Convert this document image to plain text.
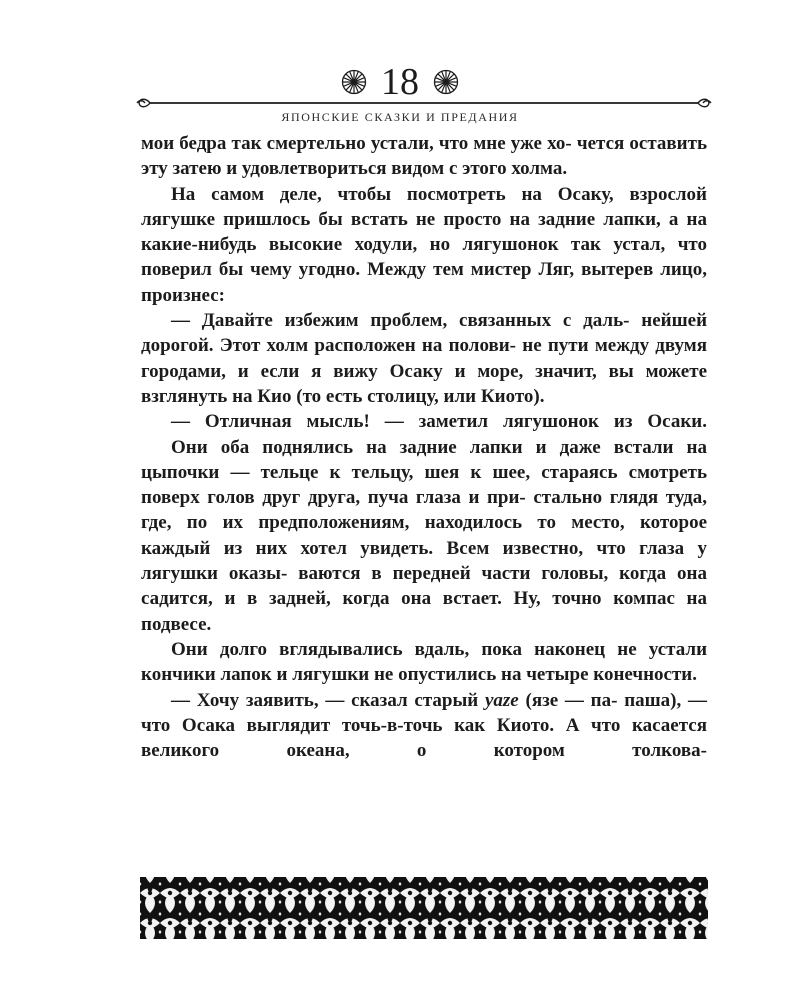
18
ЯПОНСКИЕ СКАЗКИ И ПРЕДАНИЯ

мои бедра так смертельно устали, что мне уже хо- чется оставить эту затею и удовлетвориться видом с этого холма.

На самом деле, чтобы посмотреть на Осаку, взрослой лягушке пришлось бы встать не просто на задние лапки, а на какие-нибудь высокие ходули, но лягушонок так устал, что поверил бы чему угодно. Между тем мистер Ляг, вытерев лицо, произнес:

— Давайте избежим проблем, связанных с даль- нейшей дорогой. Этот холм расположен на полови- не пути между двумя городами, и если я вижу Осаку и море, значит, вы можете взглянуть на Кио (то есть столицу, или Киото).

— Отличная мысль! — заметил лягушонок из Осаки.

Они оба поднялись на задние лапки и даже встали на цыпочки — тельце к тельцу, шея к шее, стараясь смотреть поверх голов друг друга, пуча глаза и при- стально глядя туда, где, по их предположениям, находилось то место, которое каждый из них хотел увидеть. Всем известно, что глаза у лягушки оказы- ваются в передней части головы, когда она садится, и в задней, когда она встает. Ну, точно компас на подвесе.

Они долго вглядывались вдаль, пока наконец не устали кончики лапок и лягушки не опустились на четыре конечности.

— Хочу заявить, — сказал старый yaze (язе — па- паша), — что Осака выглядит точь-в-точь как Киото. А что касается великого океана, о котором толкова-
